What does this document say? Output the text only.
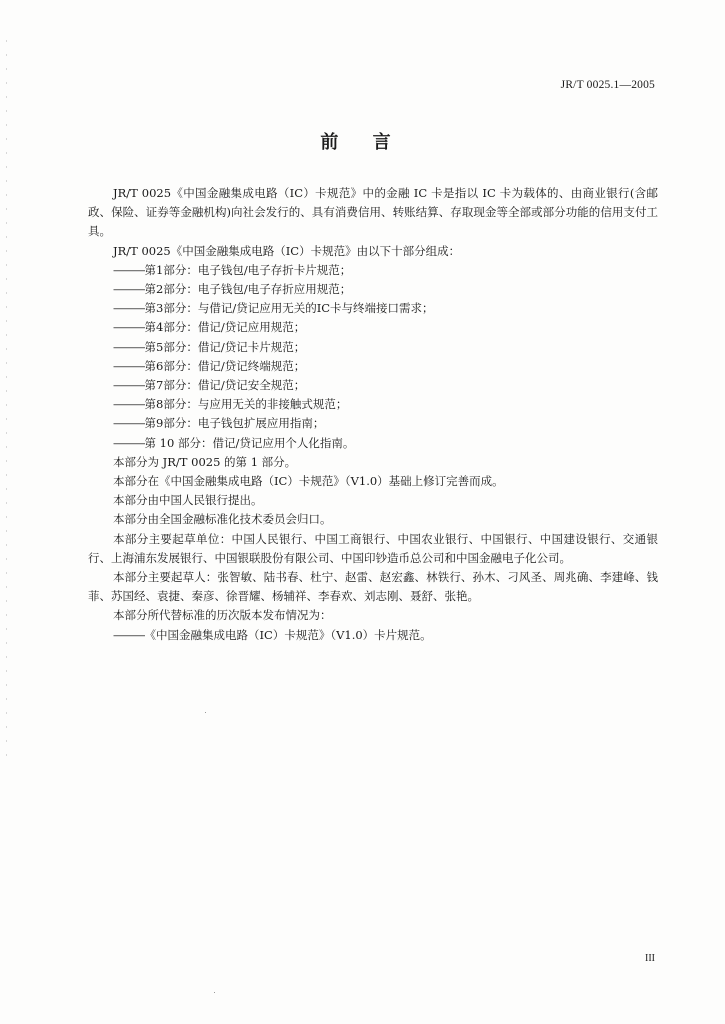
JR/T 0025.1—2005
前 言

JR/T 0025《中国金融集成电路（IC）卡规范》中的金融 IC 卡是指以 IC 卡为载体的、由商业银行(含邮政、保险、证券等金融机构)向社会发行的、具有消费信用、转账结算、存取现金等全部或部分功能的信用支付工具。

JR/T 0025《中国金融集成电路（IC）卡规范》由以下十部分组成：

———第1部分：电子钱包/电子存折卡片规范；

———第2部分：电子钱包/电子存折应用规范；

———第3部分：与借记/贷记应用无关的IC卡与终端接口需求；

———第4部分：借记/贷记应用规范；

———第5部分：借记/贷记卡片规范；

———第6部分：借记/贷记终端规范；

———第7部分：借记/贷记安全规范；

———第8部分：与应用无关的非接触式规范；

———第9部分：电子钱包扩展应用指南；

———第 10 部分：借记/贷记应用个人化指南。

本部分为 JR/T 0025 的第 1 部分。

本部分在《中国金融集成电路（IC）卡规范》（V1.0）基础上修订完善而成。

本部分由中国人民银行提出。

本部分由全国金融标准化技术委员会归口。

本部分主要起草单位：中国人民银行、中国工商银行、中国农业银行、中国银行、中国建设银行、交通银行、上海浦东发展银行、中国银联股份有限公司、中国印钞造币总公司和中国金融电子化公司。

本部分主要起草人：张智敏、陆书春、杜宁、赵雷、赵宏鑫、林铁行、孙木、刁风圣、周兆确、李建峰、钱菲、苏国经、袁捷、秦彦、徐晋耀、杨辅祥、李春欢、刘志刚、聂舒、张艳。

本部分所代替标准的历次版本发布情况为：

———《中国金融集成电路（IC）卡规范》（V1.0）卡片规范。

III
